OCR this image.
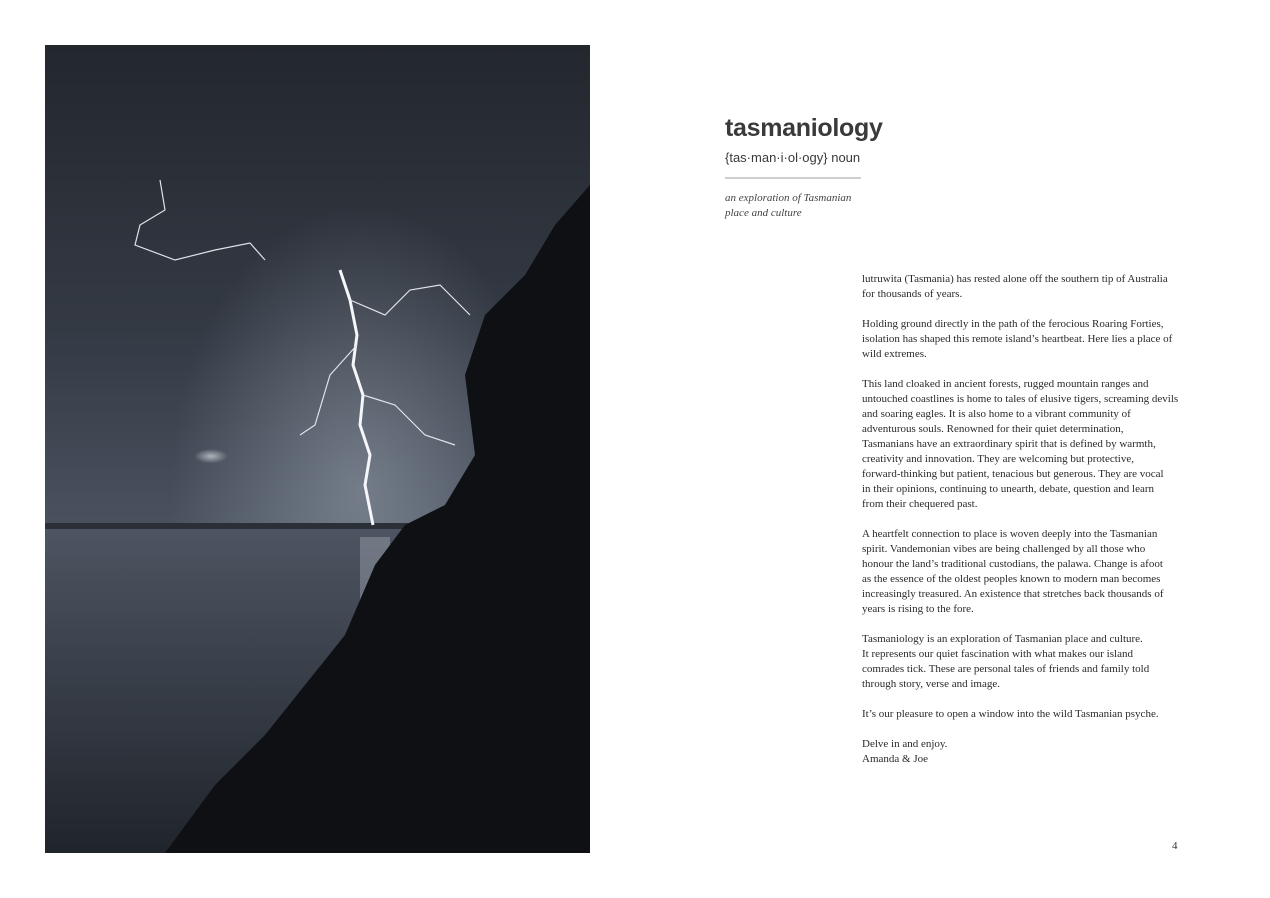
tasmaniology
{tas·man·i·ol·ogy} noun
an exploration of Tasmanian
place and culture

lutruwita (Tasmania) has rested alone off the southern tip of Australia
for thousands of years.

Holding ground directly in the path of the ferocious Roaring Forties,
isolation has shaped this remote island’s heartbeat. Here lies a place of
wild extremes.

This land cloaked in ancient forests, rugged mountain ranges and
untouched coastlines is home to tales of elusive tigers, screaming devils
and soaring eagles. It is also home to a vibrant community of
adventurous souls. Renowned for their quiet determination,
Tasmanians have an extraordinary spirit that is defined by warmth,
creativity and innovation. They are welcoming but protective,
forward-thinking but patient, tenacious but generous. They are vocal
in their opinions, continuing to unearth, debate, question and learn
from their chequered past.

A heartfelt connection to place is woven deeply into the Tasmanian
spirit. Vandemonian vibes are being challenged by all those who
honour the land’s traditional custodians, the palawa. Change is afoot
as the essence of the oldest peoples known to modern man becomes
increasingly treasured. An existence that stretches back thousands of
years is rising to the fore.

Tasmaniology is an exploration of Tasmanian place and culture.
It represents our quiet fascination with what makes our island
comrades tick. These are personal tales of friends and family told
through story, verse and image.

It’s our pleasure to open a window into the wild Tasmanian psyche.

Delve in and enjoy.
Amanda & Joe

4
